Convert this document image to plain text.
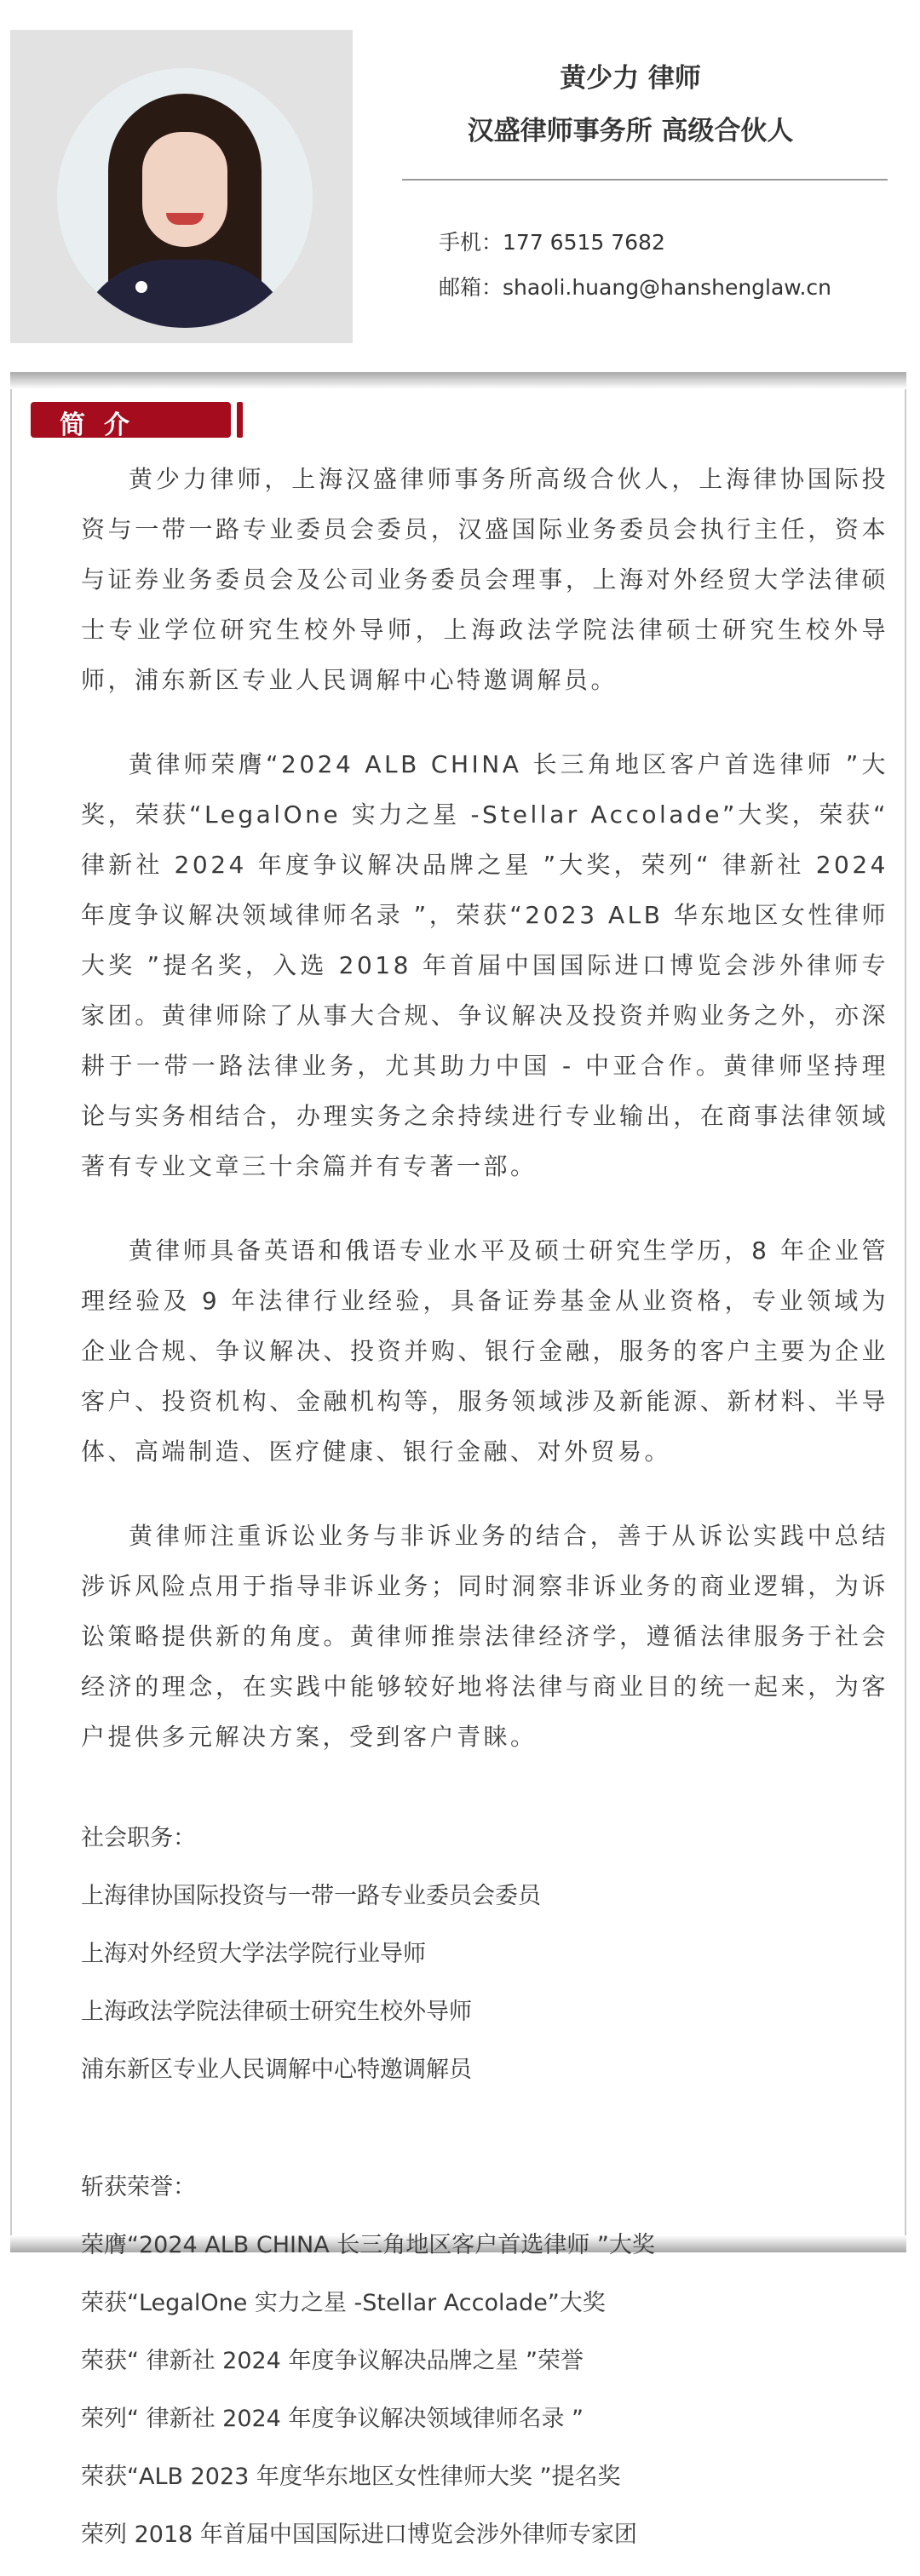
黄少力 律师
汉盛律师事务所 高级合伙人
手机：177 6515 7682
邮箱：shaoli.huang@hanshenglaw.cn
简介

黄少力律师，上海汉盛律师事务所高级合伙人，上海律协国际投资与一带一路专业委员会委员，汉盛国际业务委员会执行主任，资本与证券业务委员会及公司业务委员会理事，上海对外经贸大学法律硕士专业学位研究生校外导师，上海政法学院法律硕士研究生校外导师，浦东新区专业人民调解中心特邀调解员。

黄律师荣膺“2024 ALB CHINA 长三角地区客户首选律师 ”大奖，荣获“LegalOne 实力之星 -Stellar Accolade”大奖，荣获“ 律新社 2024 年度争议解决品牌之星 ”大奖，荣列“ 律新社 2024 年度争议解决领域律师名录 ”，荣获“2023 ALB 华东地区女性律师大奖 ”提名奖，入选 2018 年首届中国国际进口博览会涉外律师专家团。黄律师除了从事大合规、争议解决及投资并购业务之外，亦深耕于一带一路法律业务，尤其助力中国 - 中亚合作。黄律师坚持理论与实务相结合，办理实务之余持续进行专业输出，在商事法律领域著有专业文章三十余篇并有专著一部。

黄律师具备英语和俄语专业水平及硕士研究生学历，8 年企业管理经验及 9 年法律行业经验，具备证券基金从业资格，专业领域为企业合规、争议解决、投资并购、银行金融，服务的客户主要为企业客户、投资机构、金融机构等，服务领域涉及新能源、新材料、半导体、高端制造、医疗健康、银行金融、对外贸易。

黄律师注重诉讼业务与非诉业务的结合，善于从诉讼实践中总结涉诉风险点用于指导非诉业务；同时洞察非诉业务的商业逻辑，为诉讼策略提供新的角度。黄律师推崇法律经济学，遵循法律服务于社会经济的理念，在实践中能够较好地将法律与商业目的统一起来，为客户提供多元解决方案，受到客户青睐。

社会职务：
上海律协国际投资与一带一路专业委员会委员
上海对外经贸大学法学院行业导师
上海政法学院法律硕士研究生校外导师
浦东新区专业人民调解中心特邀调解员
斩获荣誉：
荣膺“2024 ALB CHINA 长三角地区客户首选律师 ”大奖
荣获“LegalOne 实力之星 -Stellar Accolade”大奖
荣获“ 律新社 2024 年度争议解决品牌之星 ”荣誉
荣列“ 律新社 2024 年度争议解决领域律师名录 ”
荣获“ALB 2023 年度华东地区女性律师大奖 ”提名奖
荣列 2018 年首届中国国际进口博览会涉外律师专家团
